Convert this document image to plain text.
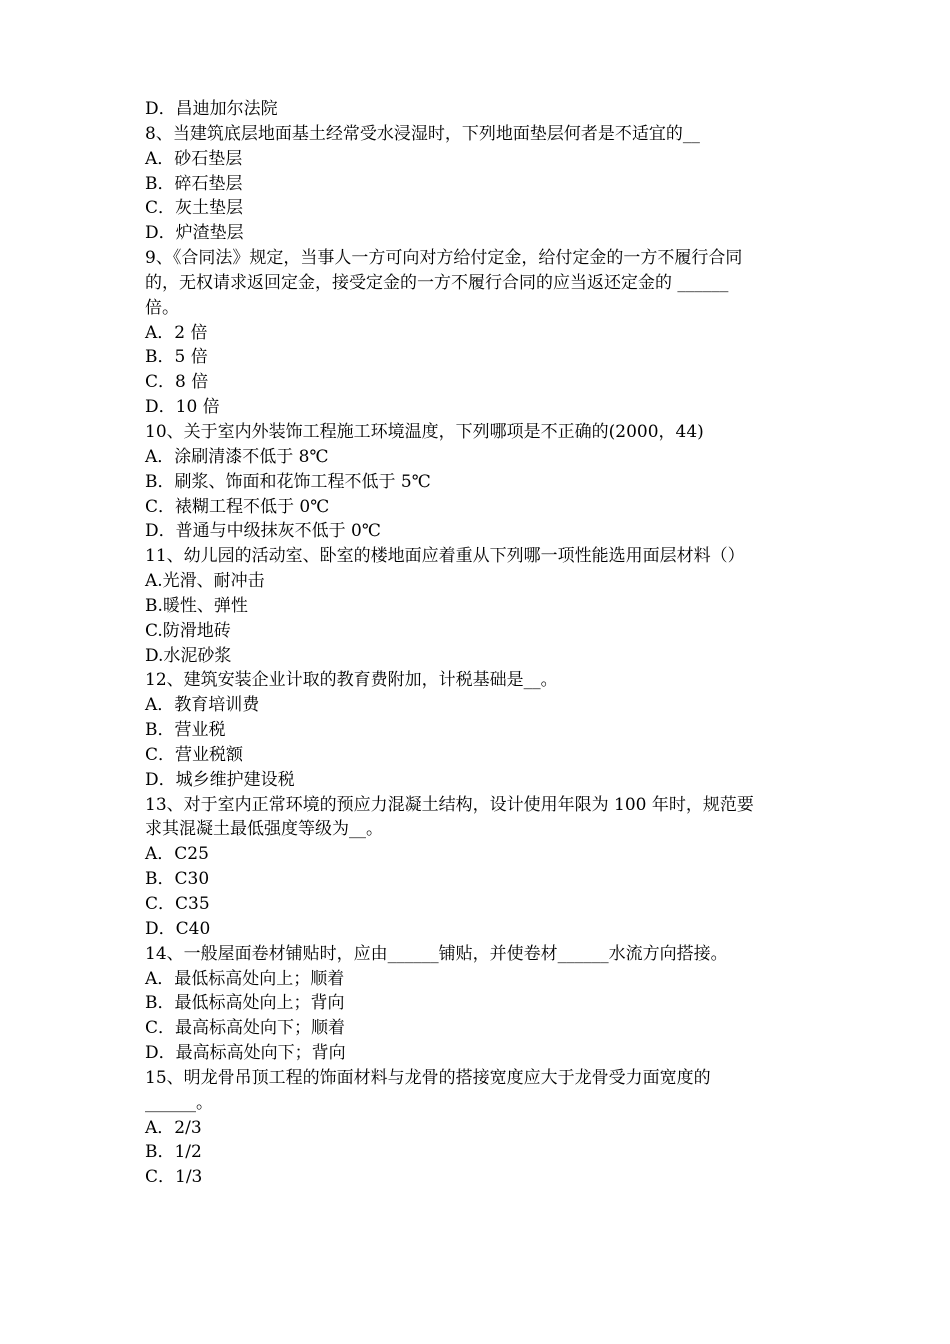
D．昌迪加尔法院
8、当建筑底层地面基土经常受水浸湿时，下列地面垫层何者是不适宜的__
A．砂石垫层
B．碎石垫层
C．灰土垫层
D．炉渣垫层
9、《合同法》规定，当事人一方可向对方给付定金，给付定金的一方不履行合同
的，无权请求返回定金，接受定金的一方不履行合同的应当返还定金的 ______
倍。
A．2 倍
B．5 倍
C．8 倍
D．10 倍
10、关于室内外装饰工程施工环境温度，下列哪项是不正确的(2000，44)
A．涂刷清漆不低于 8℃
B．刷浆、饰面和花饰工程不低于 5℃
C．裱糊工程不低于 0℃
D．普通与中级抹灰不低于 0℃
11、幼儿园的活动室、卧室的楼地面应着重从下列哪一项性能选用面层材料（）
A.光滑、耐冲击
B.暖性、弹性
C.防滑地砖
D.水泥砂浆
12、建筑安装企业计取的教育费附加，计税基础是__。
A．教育培训费
B．营业税
C．营业税额
D．城乡维护建设税
13、对于室内正常环境的预应力混凝土结构，设计使用年限为 100 年时，规范要
求其混凝土最低强度等级为__。
A．C25
B．C30
C．C35
D．C40
14、一般屋面卷材铺贴时，应由______铺贴，并使卷材______水流方向搭接。
A．最低标高处向上；顺着
B．最低标高处向上；背向
C．最高标高处向下；顺着
D．最高标高处向下；背向
15、明龙骨吊顶工程的饰面材料与龙骨的搭接宽度应大于龙骨受力面宽度的
______。
A．2/3
B．1/2
C．1/3
